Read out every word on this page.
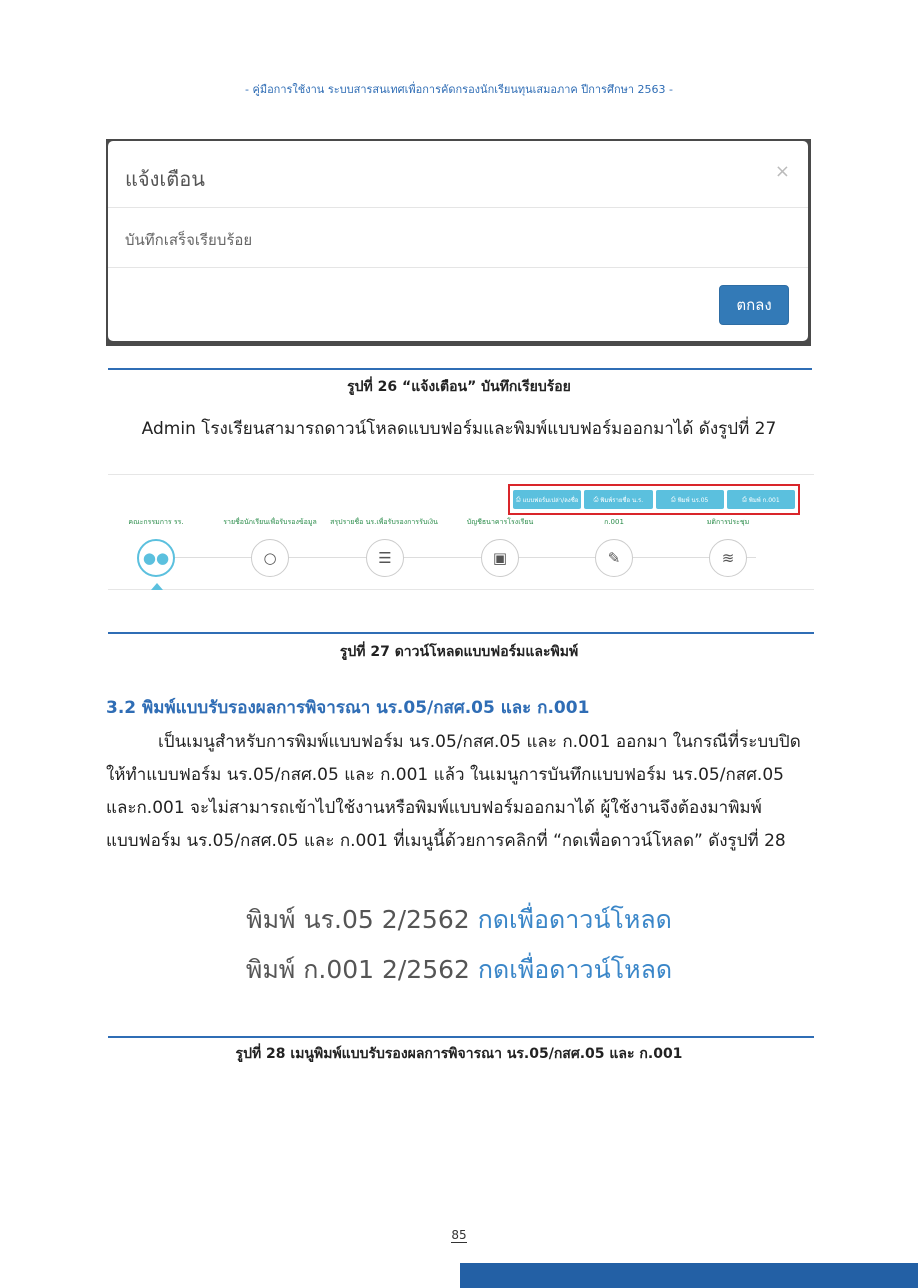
- คู่มือการใช้งาน ระบบสารสนเทศเพื่อการคัดกรองนักเรียนทุนเสมอภาค ปีการศึกษา 2563 -
แจ้งเตือน	×
บันทึกเสร็จเรียบร้อย
ตกลง
รูปที่ 26 “แจ้งเตือน” บันทึกเรียบร้อย
Admin โรงเรียนสามารถดาวน์โหลดแบบฟอร์มและพิมพ์แบบฟอร์มออกมาได้ ดังรูปที่ 27
⎙ แบบฟอร์มเปล่า/ลงชื่อ	⎙ พิมพ์รายชื่อ น.ร.	⎙ พิมพ์ นร.05	⎙ พิมพ์ ก.001
คณะกรรมการ รร.	รายชื่อนักเรียนเพื่อรับรองข้อมูล	สรุปรายชื่อ นร.เพื่อรับรองการรับเงิน	บัญชีธนาคารโรงเรียน	ก.001	มติการประชุม
●●	○	☰	▣	✎	≋
รูปที่ 27 ดาวน์โหลดแบบฟอร์มและพิมพ์
3.2 พิมพ์แบบรับรองผลการพิจารณา นร.05/กสศ.05 และ ก.001
เป็นเมนูสำหรับการพิมพ์แบบฟอร์ม นร.05/กสศ.05 และ ก.001 ออกมา ในกรณีที่ระบบปิด
ให้ทำแบบฟอร์ม นร.05/กสศ.05 และ ก.001 แล้ว ในเมนูการบันทึกแบบฟอร์ม นร.05/กสศ.05
และก.001 จะไม่สามารถเข้าไปใช้งานหรือพิมพ์แบบฟอร์มออกมาได้ ผู้ใช้งานจึงต้องมาพิมพ์
แบบฟอร์ม นร.05/กสศ.05 และ ก.001 ที่เมนูนี้ด้วยการคลิกที่ “กดเพื่อดาวน์โหลด” ดังรูปที่ 28
พิมพ์ นร.05 2/2562 กดเพื่อดาวน์โหลด
พิมพ์ ก.001 2/2562 กดเพื่อดาวน์โหลด
รูปที่ 28 เมนูพิมพ์แบบรับรองผลการพิจารณา นร.05/กสศ.05 และ ก.001
85
